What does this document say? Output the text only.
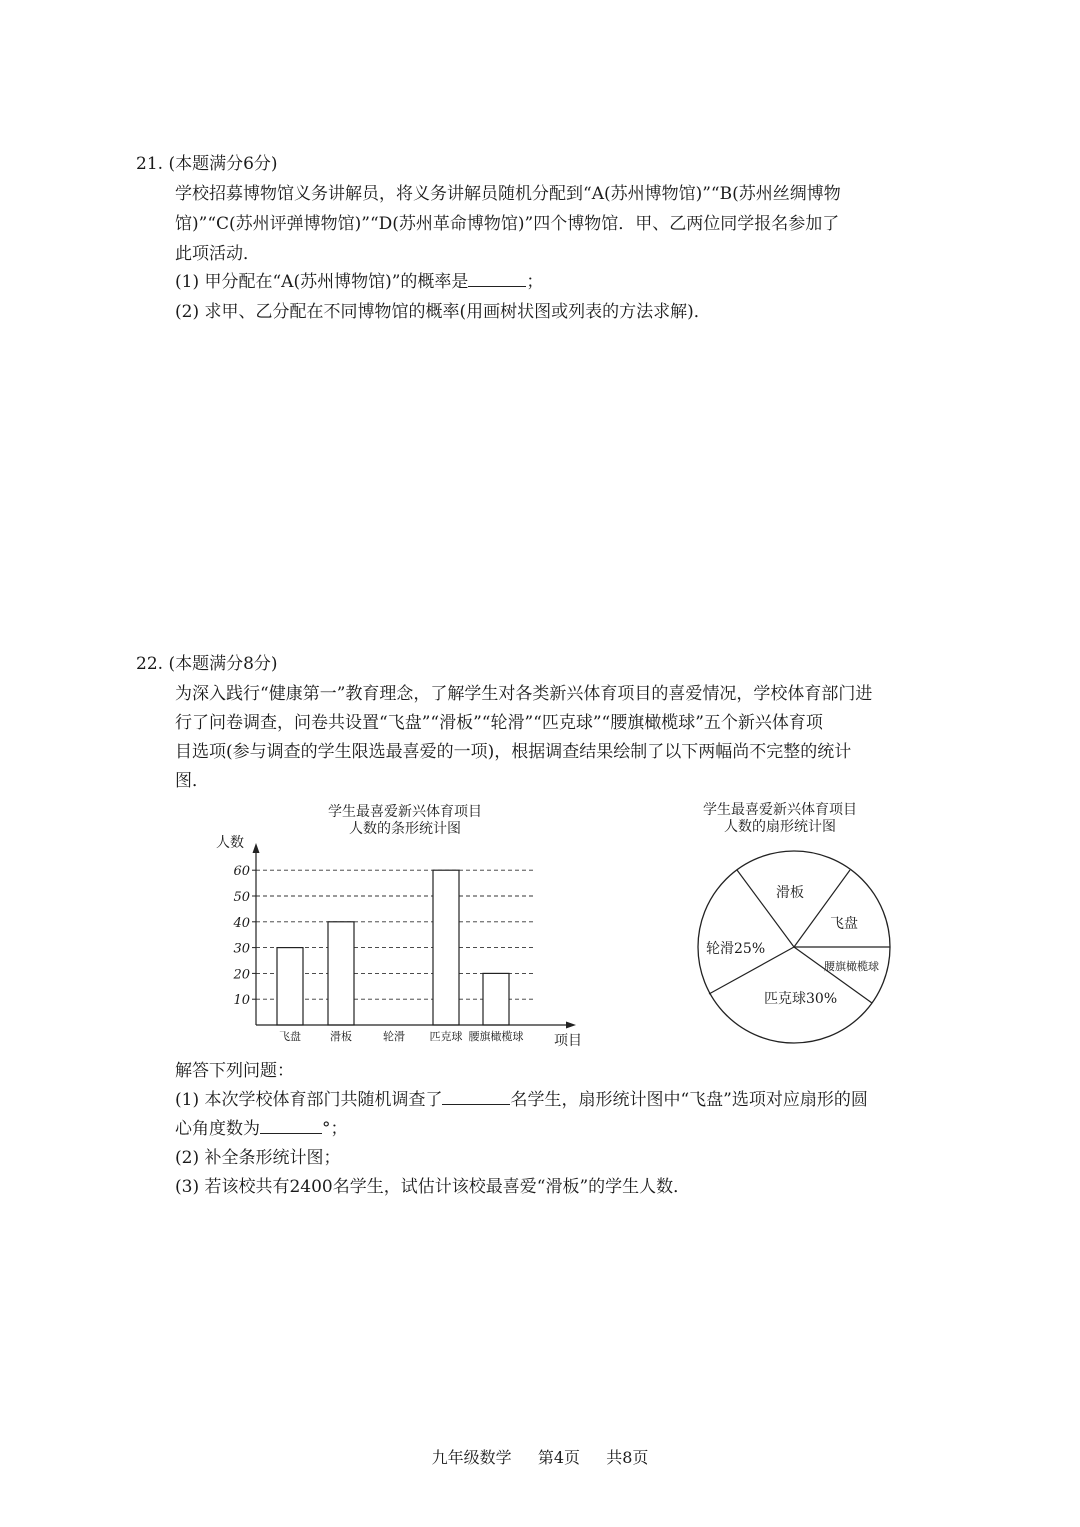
21. (本题满分6分)
学校招募博物馆义务讲解员，将义务讲解员随机分配到“A(苏州博物馆)”“B(苏州丝绸博物
馆)”“C(苏州评弹博物馆)”“D(苏州革命博物馆)”四个博物馆．甲、乙两位同学报名参加了
此项活动．
(1) 甲分配在“A(苏州博物馆)”的概率是	；
(2) 求甲、乙分配在不同博物馆的概率(用画树状图或列表的方法求解)．
22. (本题满分8分)
为深入践行“健康第一”教育理念，了解学生对各类新兴体育项目的喜爱情况，学校体育部门进
行了问卷调查，问卷共设置“飞盘”“滑板”“轮滑”“匹克球”“腰旗橄榄球”五个新兴体育项
目选项(参与调查的学生限选最喜爱的一项)，根据调查结果绘制了以下两幅尚不完整的统计
图．
学生最喜爱新兴体育项目
人数的条形统计图
人数
项目
10
20
30
40
50
60
飞盘	滑板	轮滑 匹克球 腰旗橄榄球
学生最喜爱新兴体育项目
人数的扇形统计图
滑板
飞盘
腰旗橄榄球
匹克球30%
轮滑25%
解答下列问题：
(1) 本次学校体育部门共随机调查了	名学生，扇形统计图中“飞盘”选项对应扇形的圆
心角度数为	°；
(2) 补全条形统计图；
(3) 若该校共有2400名学生，试估计该校最喜爱“滑板”的学生人数．
九年级数学 第4页 共8页
